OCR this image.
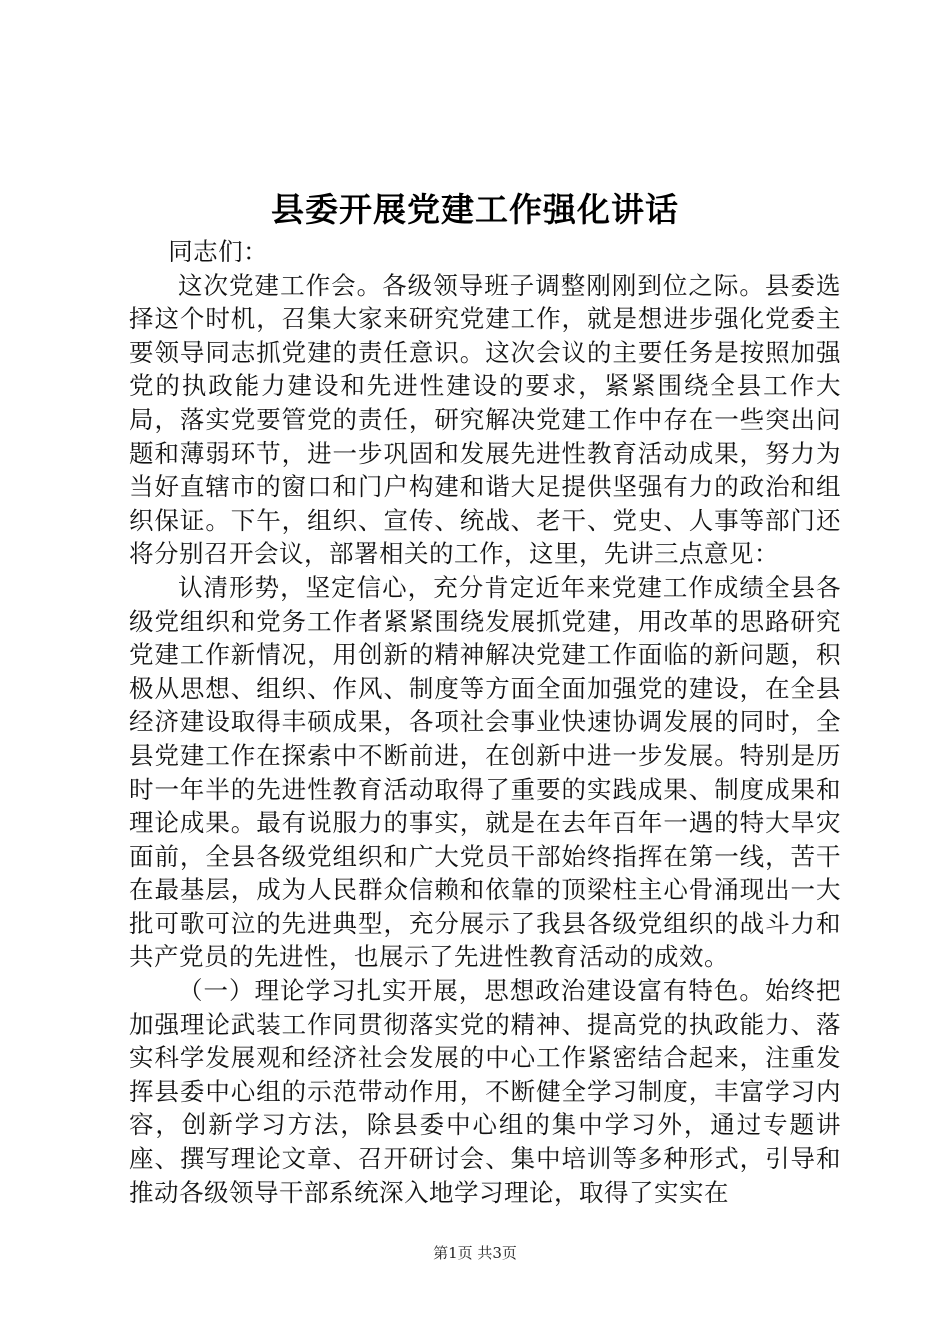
县委开展党建工作强化讲话

同志们：

这次党建工作会。各级领导班子调整刚刚到位之际。县委选择这个时机，召集大家来研究党建工作，就是想进步强化党委主要领导同志抓党建的责任意识。这次会议的主要任务是按照加强党的执政能力建设和先进性建设的要求，紧紧围绕全县工作大局，落实党要管党的责任，研究解决党建工作中存在一些突出问题和薄弱环节，进一步巩固和发展先进性教育活动成果，努力为当好直辖市的窗口和门户构建和谐大足提供坚强有力的政治和组织保证。下午，组织、宣传、统战、老干、党史、人事等部门还将分别召开会议，部署相关的工作，这里，先讲三点意见：

认清形势，坚定信心，充分肯定近年来党建工作成绩全县各级党组织和党务工作者紧紧围绕发展抓党建，用改革的思路研究党建工作新情况，用创新的精神解决党建工作面临的新问题，积极从思想、组织、作风、制度等方面全面加强党的建设，在全县经济建设取得丰硕成果，各项社会事业快速协调发展的同时，全县党建工作在探索中不断前进，在创新中进一步发展。特别是历时一年半的先进性教育活动取得了重要的实践成果、制度成果和理论成果。最有说服力的事实，就是在去年百年一遇的特大旱灾面前，全县各级党组织和广大党员干部始终指挥在第一线，苦干在最基层，成为人民群众信赖和依靠的顶梁柱主心骨涌现出一大批可歌可泣的先进典型，充分展示了我县各级党组织的战斗力和共产党员的先进性，也展示了先进性教育活动的成效。

（一）理论学习扎实开展，思想政治建设富有特色。始终把加强理论武装工作同贯彻落实党的精神、提高党的执政能力、落实科学发展观和经济社会发展的中心工作紧密结合起来，注重发挥县委中心组的示范带动作用，不断健全学习制度，丰富学习内容，创新学习方法，除县委中心组的集中学习外，通过专题讲座、撰写理论文章、召开研讨会、集中培训等多种形式，引导和推动各级领导干部系统深入地学习理论，取得了实实在

第1页 共3页
